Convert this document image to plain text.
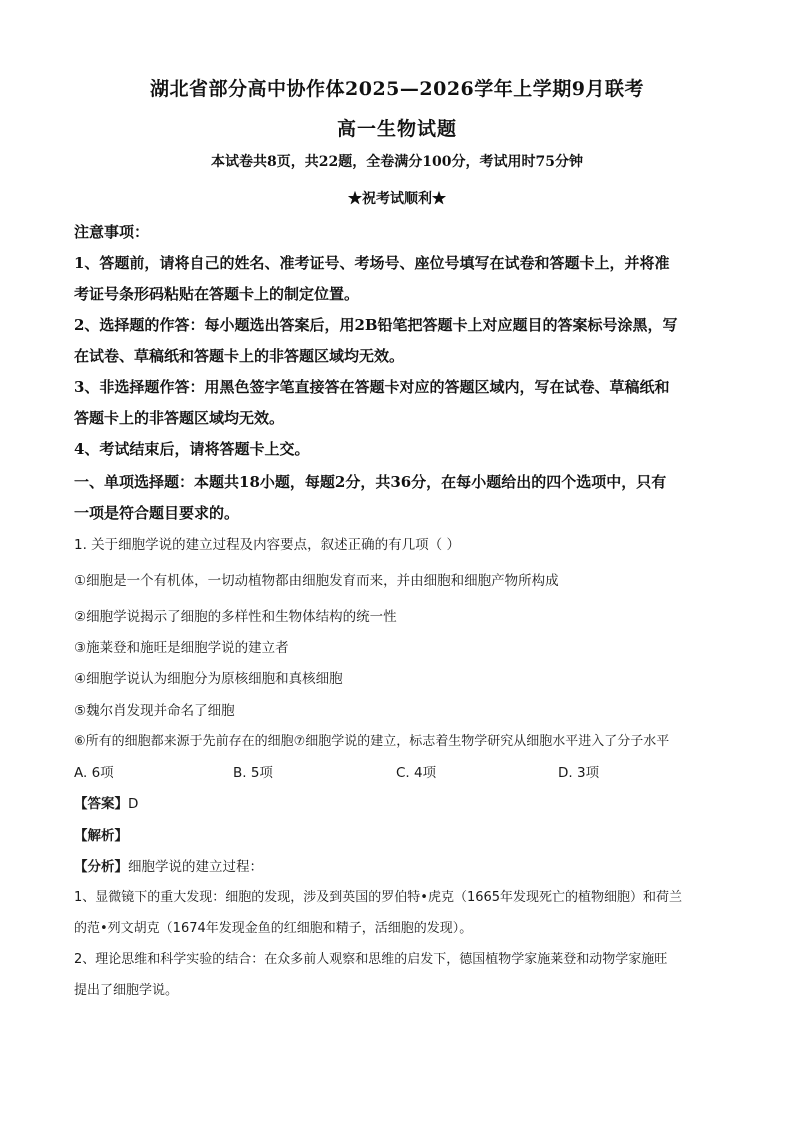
湖北省部分高中协作体2025—2026学年上学期9月联考
高一生物试题
本试卷共8页，共22题，全卷满分100分，考试用时75分钟
★祝考试顺利★
注意事项：
1、答题前，请将自己的姓名、准考证号、考场号、座位号填写在试卷和答题卡上，并将准
考证号条形码粘贴在答题卡上的制定位置。
2、选择题的作答：每小题选出答案后，用2B铅笔把答题卡上对应题目的答案标号涂黑，写
在试卷、草稿纸和答题卡上的非答题区域均无效。
3、非选择题作答：用黑色签字笔直接答在答题卡对应的答题区域内，写在试卷、草稿纸和
答题卡上的非答题区域均无效。
4、考试结束后，请将答题卡上交。
一、单项选择题：本题共18小题，每题2分，共36分，在每小题给出的四个选项中，只有
一项是符合题目要求的。
1. 关于细胞学说的建立过程及内容要点，叙述正确的有几项（ ）
①细胞是一个有机体，一切动植物都由细胞发育而来，并由细胞和细胞产物所构成
②细胞学说揭示了细胞的多样性和生物体结构的统一性
③施莱登和施旺是细胞学说的建立者
④细胞学说认为细胞分为原核细胞和真核细胞
⑤魏尔肖发现并命名了细胞
⑥所有的细胞都来源于先前存在的细胞⑦细胞学说的建立，标志着生物学研究从细胞水平进入了分子水平
A. 6项	B. 5项	C. 4项	D. 3项
【答案】D
【解析】
【分析】细胞学说的建立过程：
1、显微镜下的重大发现：细胞的发现，涉及到英国的罗伯特•虎克（1665年发现死亡的植物细胞）和荷兰
的范•列文胡克（1674年发现金鱼的红细胞和精子，活细胞的发现）。
2、理论思维和科学实验的结合：在众多前人观察和思维的启发下，德国植物学家施莱登和动物学家施旺
提出了细胞学说。
